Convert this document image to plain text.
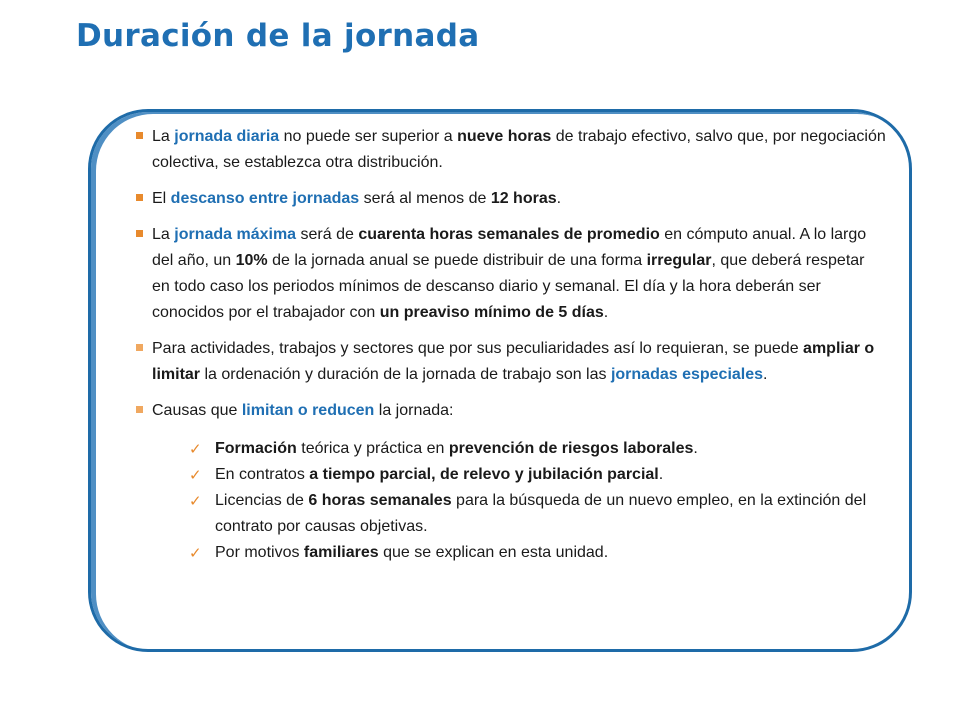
Duración de la jornada
La jornada diaria no puede ser superior a nueve horas de trabajo efectivo, salvo que, por negociación colectiva, se establezca otra distribución.
El descanso entre jornadas será al menos de 12 horas.
La jornada máxima será de cuarenta horas semanales de promedio en cómputo anual. A lo largo del año, un 10% de la jornada anual se puede distribuir de una forma irregular, que deberá respetar en todo caso los periodos mínimos de descanso diario y semanal. El día y la hora deberán ser conocidos por el trabajador con un preaviso mínimo de 5 días.
Para actividades, trabajos y sectores que por sus peculiaridades así lo requieran, se puede ampliar o limitar la ordenación y duración de la jornada de trabajo son las jornadas especiales.
Causas que limitan o reducen la jornada:
✓ Formación teórica y práctica en prevención de riesgos laborales.
✓ En contratos a tiempo parcial, de relevo y jubilación parcial.
✓ Licencias de 6 horas semanales para la búsqueda de un nuevo empleo, en la extinción del contrato por causas objetivas.
✓ Por motivos familiares que se explican en esta unidad.
